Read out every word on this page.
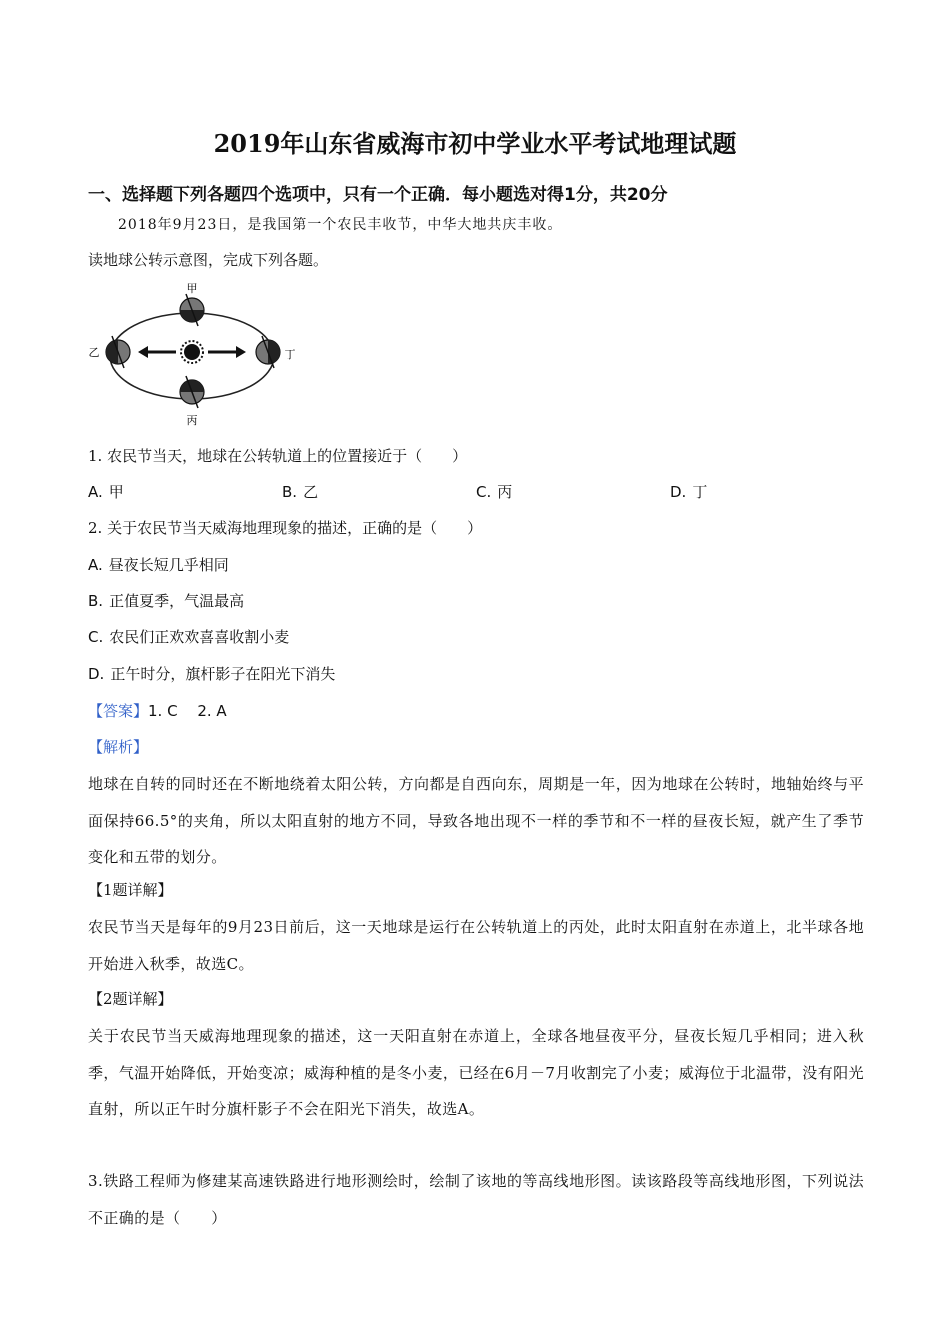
2019年山东省威海市初中学业水平考试地理试题
一、选择题下列各题四个选项中，只有一个正确．每小题选对得1分，共20分
2018年9月23日，是我国第一个农民丰收节，中华大地共庆丰收。
读地球公转示意图，完成下列各题。
甲
乙
丙
丁
1. 农民节当天，地球在公转轨道上的位置接近于（　　）
A. 甲	B. 乙	C. 丙	D. 丁
2. 关于农民节当天威海地理现象的描述，正确的是（　　）
A. 昼夜长短几乎相同
B. 正值夏季，气温最高
C. 农民们正欢欢喜喜收割小麦
D. 正午时分，旗杆影子在阳光下消失
【答案】1. C　 2. A
【解析】
地球在自转的同时还在不断地绕着太阳公转，方向都是自西向东，周期是一年，因为地球在公转时，地轴始终与平面保持66.5°的夹角，所以太阳直射的地方不同，导致各地出现不一样的季节和不一样的昼夜长短，就产生了季节变化和五带的划分。
【1题详解】
农民节当天是每年的9月23日前后，这一天地球是运行在公转轨道上的丙处，此时太阳直射在赤道上，北半球各地开始进入秋季，故选C。
【2题详解】
关于农民节当天威海地理现象的描述，这一天阳直射在赤道上，全球各地昼夜平分，昼夜长短几乎相同；进入秋季，气温开始降低，开始变凉；威海种植的是冬小麦，已经在6月－7月收割完了小麦；威海位于北温带，没有阳光直射，所以正午时分旗杆影子不会在阳光下消失，故选A。
3.铁路工程师为修建某高速铁路进行地形测绘时，绘制了该地的等高线地形图。读该路段等高线地形图，下列说法不正确的是（　　）
